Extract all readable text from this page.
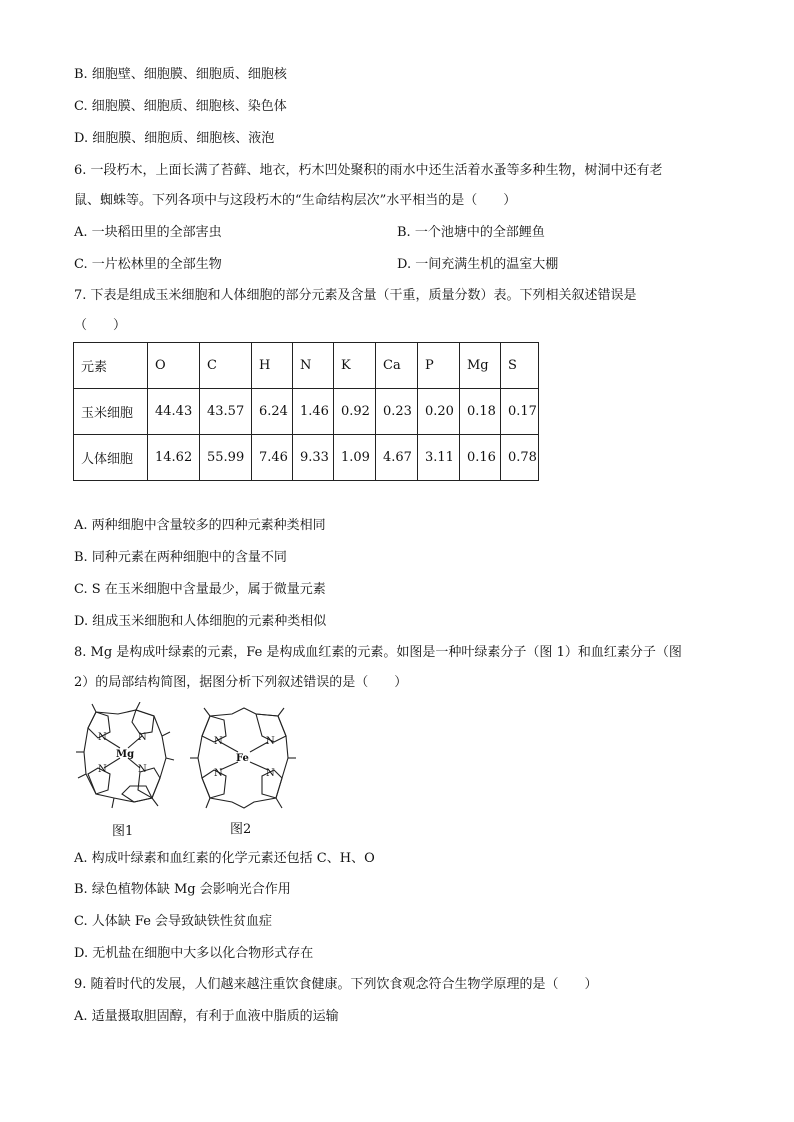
B. 细胞壁、细胞膜、细胞质、细胞核
C. 细胞膜、细胞质、细胞核、染色体
D. 细胞膜、细胞质、细胞核、液泡
6. 一段朽木，上面长满了苔藓、地衣，朽木凹处聚积的雨水中还生活着水蚤等多种生物，树洞中还有老
鼠、蜘蛛等。下列各项中与这段朽木的“生命结构层次”水平相当的是（　　）
A. 一块稻田里的全部害虫	B. 一个池塘中的全部鲤鱼
C. 一片松林里的全部生物	D. 一间充满生机的温室大棚
7. 下表是组成玉米细胞和人体细胞的部分元素及含量（干重，质量分数）表。下列相关叙述错误是
（　　）
元素	O	C	H	N	K	Ca	P	Mg	S
玉米细胞	44.43	43.57	6.24	1.46	0.92	0.23	0.20	0.18	0.17
人体细胞	14.62	55.99	7.46	9.33	1.09	4.67	3.11	0.16	0.78
A. 两种细胞中含量较多的四种元素种类相同
B. 同种元素在两种细胞中的含量不同
C. S 在玉米细胞中含量最少，属于微量元素
D. 组成玉米细胞和人体细胞的元素种类相似
8. Mg 是构成叶绿素的元素，Fe 是构成血红素的元素。如图是一种叶绿素分子（图 1）和血红素分子（图
2）的局部结构简图，据图分析下列叙述错误的是（　　）
N	N
N	N
Mg
图1
N	N
N	N
Fe
图2
A. 构成叶绿素和血红素的化学元素还包括 C、H、O
B. 绿色植物体缺 Mg 会影响光合作用
C. 人体缺 Fe 会导致缺铁性贫血症
D. 无机盐在细胞中大多以化合物形式存在
9. 随着时代的发展，人们越来越注重饮食健康。下列饮食观念符合生物学原理的是（　　）
A. 适量摄取胆固醇，有利于血液中脂质的运输
